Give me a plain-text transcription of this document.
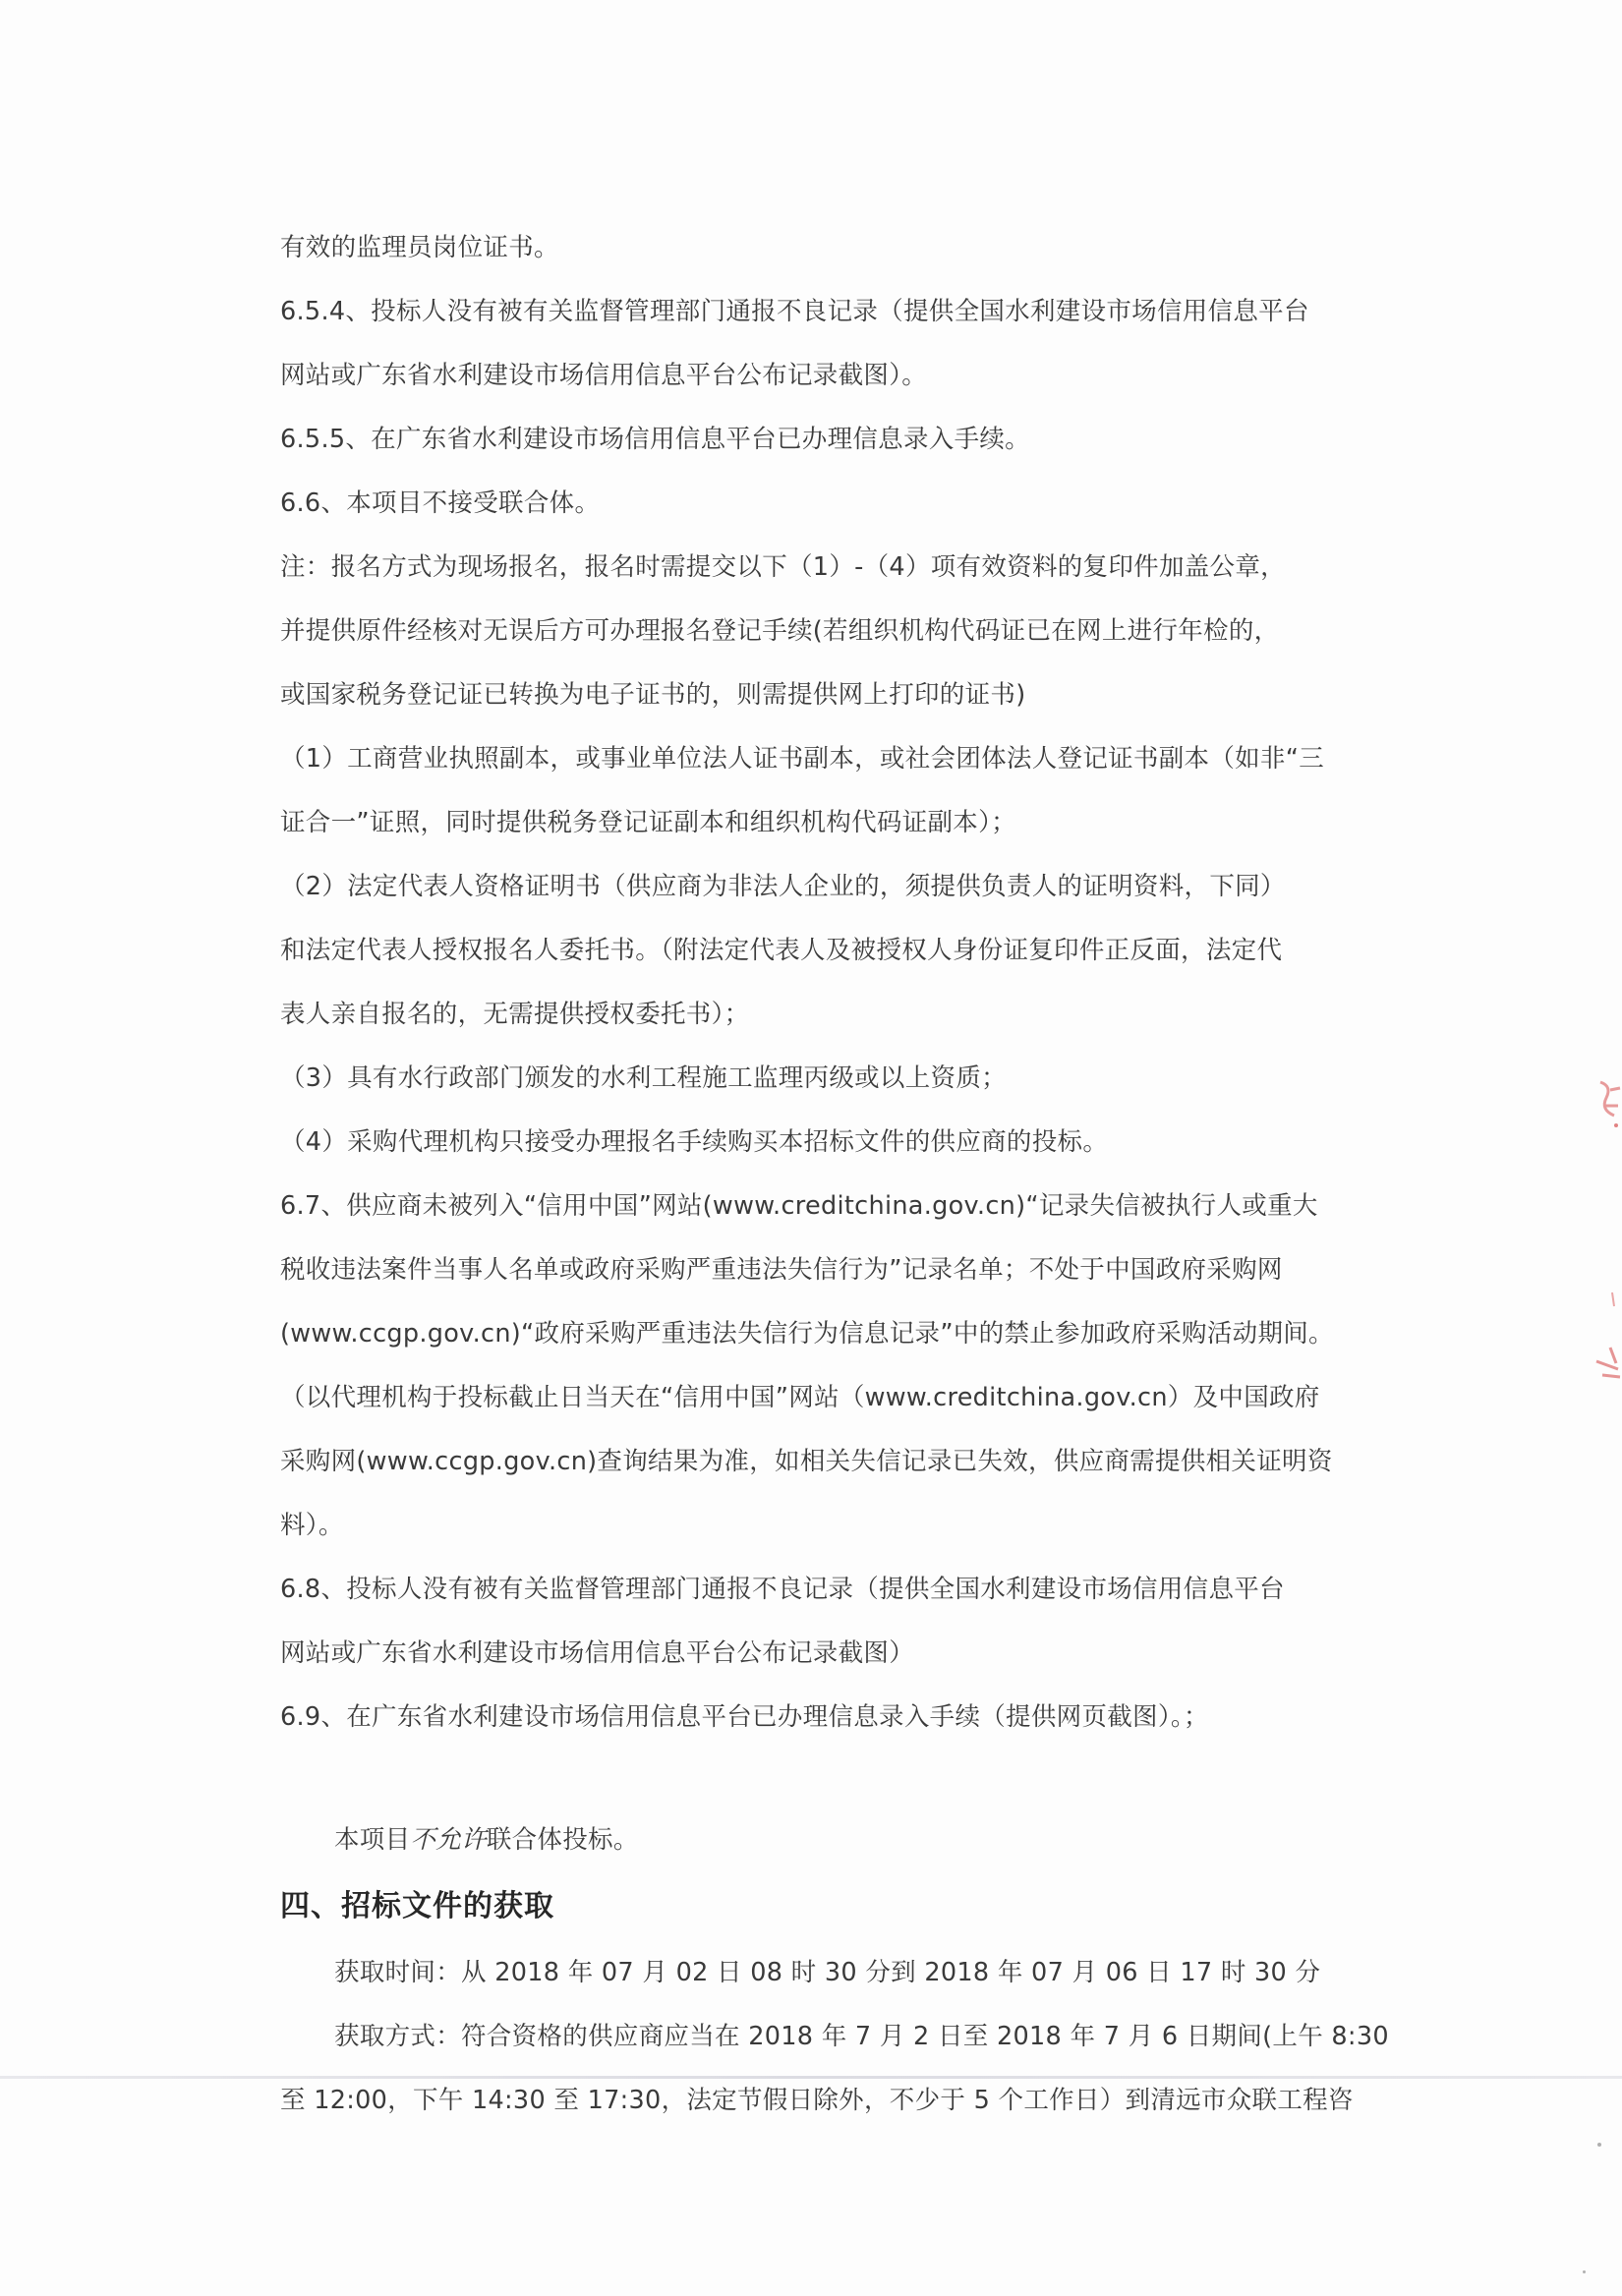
有效的监理员岗位证书。
6.5.4、投标人没有被有关监督管理部门通报不良记录（提供全国水利建设市场信用信息平台
网站或广东省水利建设市场信用信息平台公布记录截图）。
6.5.5、在广东省水利建设市场信用信息平台已办理信息录入手续。
6.6、本项目不接受联合体。
注：报名方式为现场报名，报名时需提交以下（1）-（4）项有效资料的复印件加盖公章，
并提供原件经核对无误后方可办理报名登记手续(若组织机构代码证已在网上进行年检的，
或国家税务登记证已转换为电子证书的，则需提供网上打印的证书)
（1）工商营业执照副本，或事业单位法人证书副本，或社会团体法人登记证书副本（如非“三
证合一”证照，同时提供税务登记证副本和组织机构代码证副本）；
（2）法定代表人资格证明书（供应商为非法人企业的，须提供负责人的证明资料，下同）
和法定代表人授权报名人委托书。（附法定代表人及被授权人身份证复印件正反面，法定代
表人亲自报名的，无需提供授权委托书）；
（3）具有水行政部门颁发的水利工程施工监理丙级或以上资质；
（4）采购代理机构只接受办理报名手续购买本招标文件的供应商的投标。
6.7、供应商未被列入“信用中国”网站(www.creditchina.gov.cn)“记录失信被执行人或重大
税收违法案件当事人名单或政府采购严重违法失信行为”记录名单；不处于中国政府采购网
(www.ccgp.gov.cn)“政府采购严重违法失信行为信息记录”中的禁止参加政府采购活动期间。
（以代理机构于投标截止日当天在“信用中国”网站（www.creditchina.gov.cn）及中国政府
采购网(www.ccgp.gov.cn)查询结果为准，如相关失信记录已失效，供应商需提供相关证明资
料）。
6.8、投标人没有被有关监督管理部门通报不良记录（提供全国水利建设市场信用信息平台
网站或广东省水利建设市场信用信息平台公布记录截图）
6.9、在广东省水利建设市场信用信息平台已办理信息录入手续（提供网页截图）。；
本项目不允许联合体投标。
四、招标文件的获取
获取时间：从 2018 年 07 月 02 日 08 时 30 分到 2018 年 07 月 06 日 17 时 30 分
获取方式：符合资格的供应商应当在 2018 年 7 月 2 日至 2018 年 7 月 6 日期间(上午 8:30
至 12:00，下午 14:30 至 17:30，法定节假日除外，不少于 5 个工作日）到清远市众联工程咨
